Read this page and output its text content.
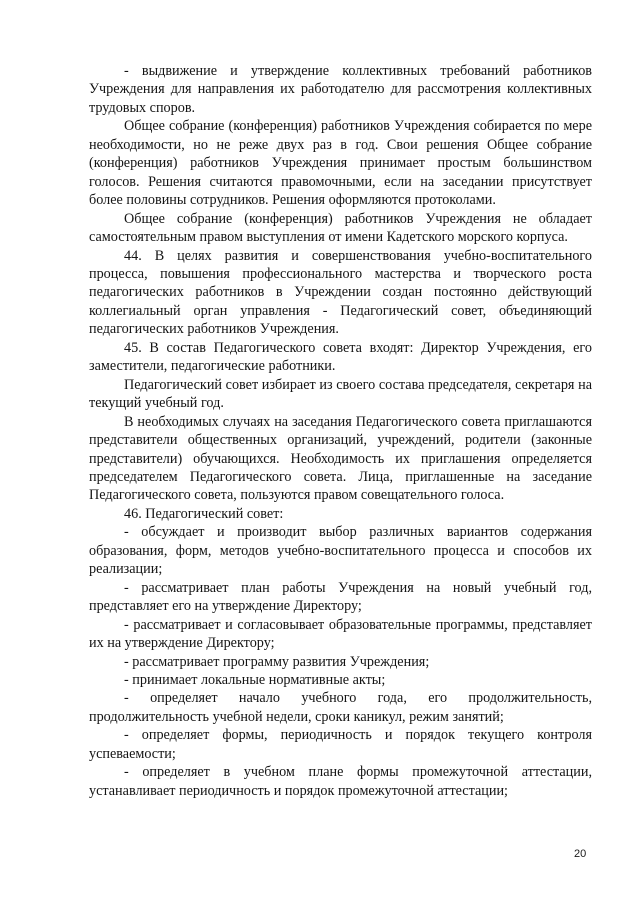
- выдвижение и утверждение коллективных требований работников Учреждения для направления их работодателю для рассмотрения коллективных трудовых споров.

Общее собрание (конференция) работников Учреждения собирается по мере необходимости, но не реже двух раз в год. Свои решения Общее собрание (конференция) работников Учреждения принимает простым большинством голосов. Решения считаются правомочными, если на заседании присутствует более половины сотрудников. Решения оформляются протоколами.

Общее собрание (конференция) работников Учреждения не обладает самостоятельным правом выступления от имени Кадетского морского корпуса.

44. В целях развития и совершенствования учебно-воспитательного процесса, повышения профессионального мастерства и творческого роста педагогических работников в Учреждении создан постоянно действующий коллегиальный орган управления - Педагогический совет, объединяющий педагогических работников Учреждения.

45. В состав Педагогического совета входят: Директор Учреждения, его заместители, педагогические работники.

Педагогический совет избирает из своего состава председателя, секретаря на текущий учебный год.

В необходимых случаях на заседания Педагогического совета приглашаются представители общественных организаций, учреждений, родители (законные представители) обучающихся. Необходимость их приглашения определяется председателем Педагогического совета. Лица, приглашенные на заседание Педагогического совета, пользуются правом совещательного голоса.

46. Педагогический совет:

- обсуждает и производит выбор различных вариантов содержания образования, форм, методов учебно-воспитательного процесса и способов их реализации;

- рассматривает план работы Учреждения на новый учебный год, представляет его на утверждение Директору;

- рассматривает и согласовывает образовательные программы, представляет их на утверждение Директору;

- рассматривает программу развития Учреждения;

- принимает локальные нормативные акты;

- определяет начало учебного года, его продолжительность, продолжительность учебной недели, сроки каникул, режим занятий;

- определяет формы, периодичность и порядок текущего контроля успеваемости;

- определяет в учебном плане формы промежуточной аттестации, устанавливает периодичность и порядок промежуточной аттестации;

20
